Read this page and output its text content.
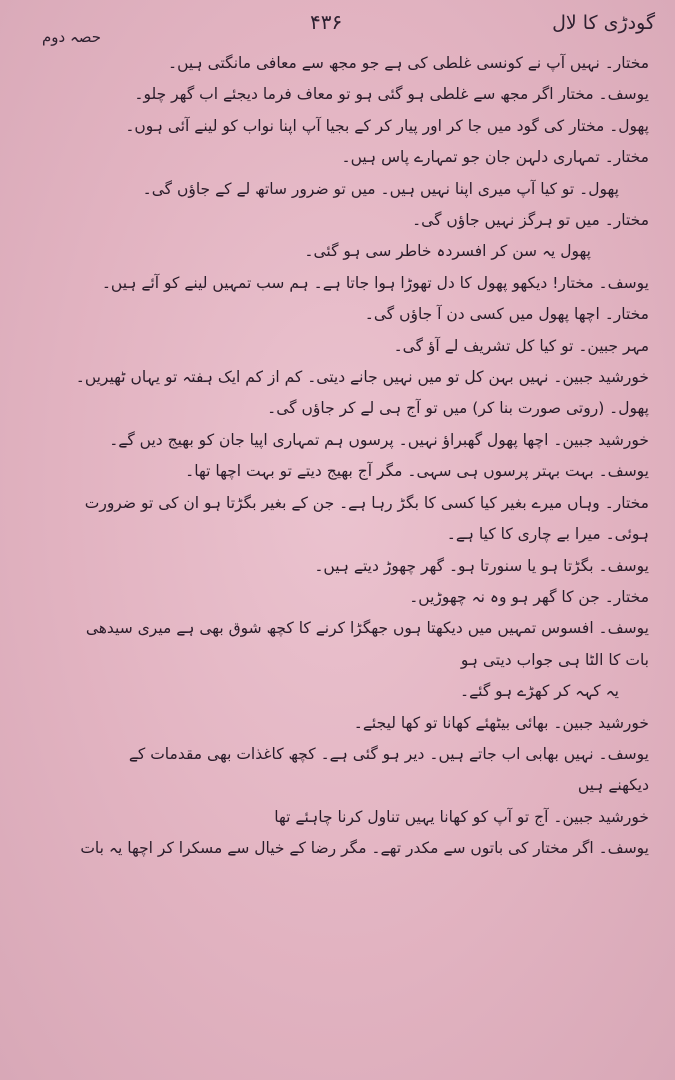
حصہ دوم
۴۳۶	گودڑی کا لال
مختار۔ نہیں آپ نے کونسی غلطی کی ہے جو مجھ سے معافی مانگتی ہیں۔
یوسف۔ مختار اگر مجھ سے غلطی ہو گئی ہو تو معاف فرما دیجئے اب گھر چلو۔
پھول۔ مختار کی گود میں جا کر اور پیار کر کے بجیا آپ اپنا نواب کو لینے آئی ہوں۔
مختار۔ تمہاری دلہن جان جو تمہارے پاس ہیں۔
پھول۔ تو کیا آپ میری اپنا نہیں ہیں۔ میں تو ضرور ساتھ لے کے جاؤں گی۔
مختار۔ میں تو ہرگز نہیں جاؤں گی۔
پھول یہ سن کر افسردہ خاطر سی ہو گئی۔
یوسف۔ مختار! دیکھو پھول کا دل تھوڑا ہوا جاتا ہے۔ ہم سب تمہیں لینے کو آئے ہیں۔
مختار۔ اچھا پھول میں کسی دن آ جاؤں گی۔
مہر جبین۔ تو کیا کل تشریف لے آؤ گی۔
خورشید جبین۔ نہیں بہن کل تو میں نہیں جانے دیتی۔ کم از کم ایک ہفتہ تو یہاں ٹھیریں۔
پھول۔ (روتی صورت بنا کر) میں تو آج ہی لے کر جاؤں گی۔
خورشید جبین۔ اچھا پھول گھبراؤ نہیں۔ پرسوں ہم تمہاری اپیا جان کو بھیج دیں گے۔
یوسف۔ بہت بہتر پرسوں ہی سہی۔ مگر آج بھیج دیتے تو بہت اچھا تھا۔
مختار۔ وہاں میرے بغیر کیا کسی کا بگڑ رہا ہے۔ جن کے بغیر بگڑتا ہو ان کی تو ضرورت
ہوئی۔ میرا بے چاری کا کیا ہے۔
یوسف۔ بگڑتا ہو یا سنورتا ہو۔ گھر چھوڑ دیتے ہیں۔
مختار۔ جن کا گھر ہو وہ نہ چھوڑیں۔
یوسف۔ افسوس تمہیں میں دیکھتا ہوں جھگڑا کرنے کا کچھ شوق بھی ہے میری سیدھی
بات کا الٹا ہی جواب دیتی ہو
یہ کہہ کر کھڑے ہو گئے۔
خورشید جبین۔ بھائی بیٹھئے کھانا تو کھا لیجئے۔
یوسف۔ نہیں بھابی اب جاتے ہیں۔ دیر ہو گئی ہے۔ کچھ کاغذات بھی مقدمات کے
دیکھنے ہیں
خورشید جبین۔ آج تو آپ کو کھانا یہیں تناول کرنا چاہئے تھا
یوسف۔ اگر مختار کی باتوں سے مکدر تھے۔ مگر رضا کے خیال سے مسکرا کر اچھا یہ بات
